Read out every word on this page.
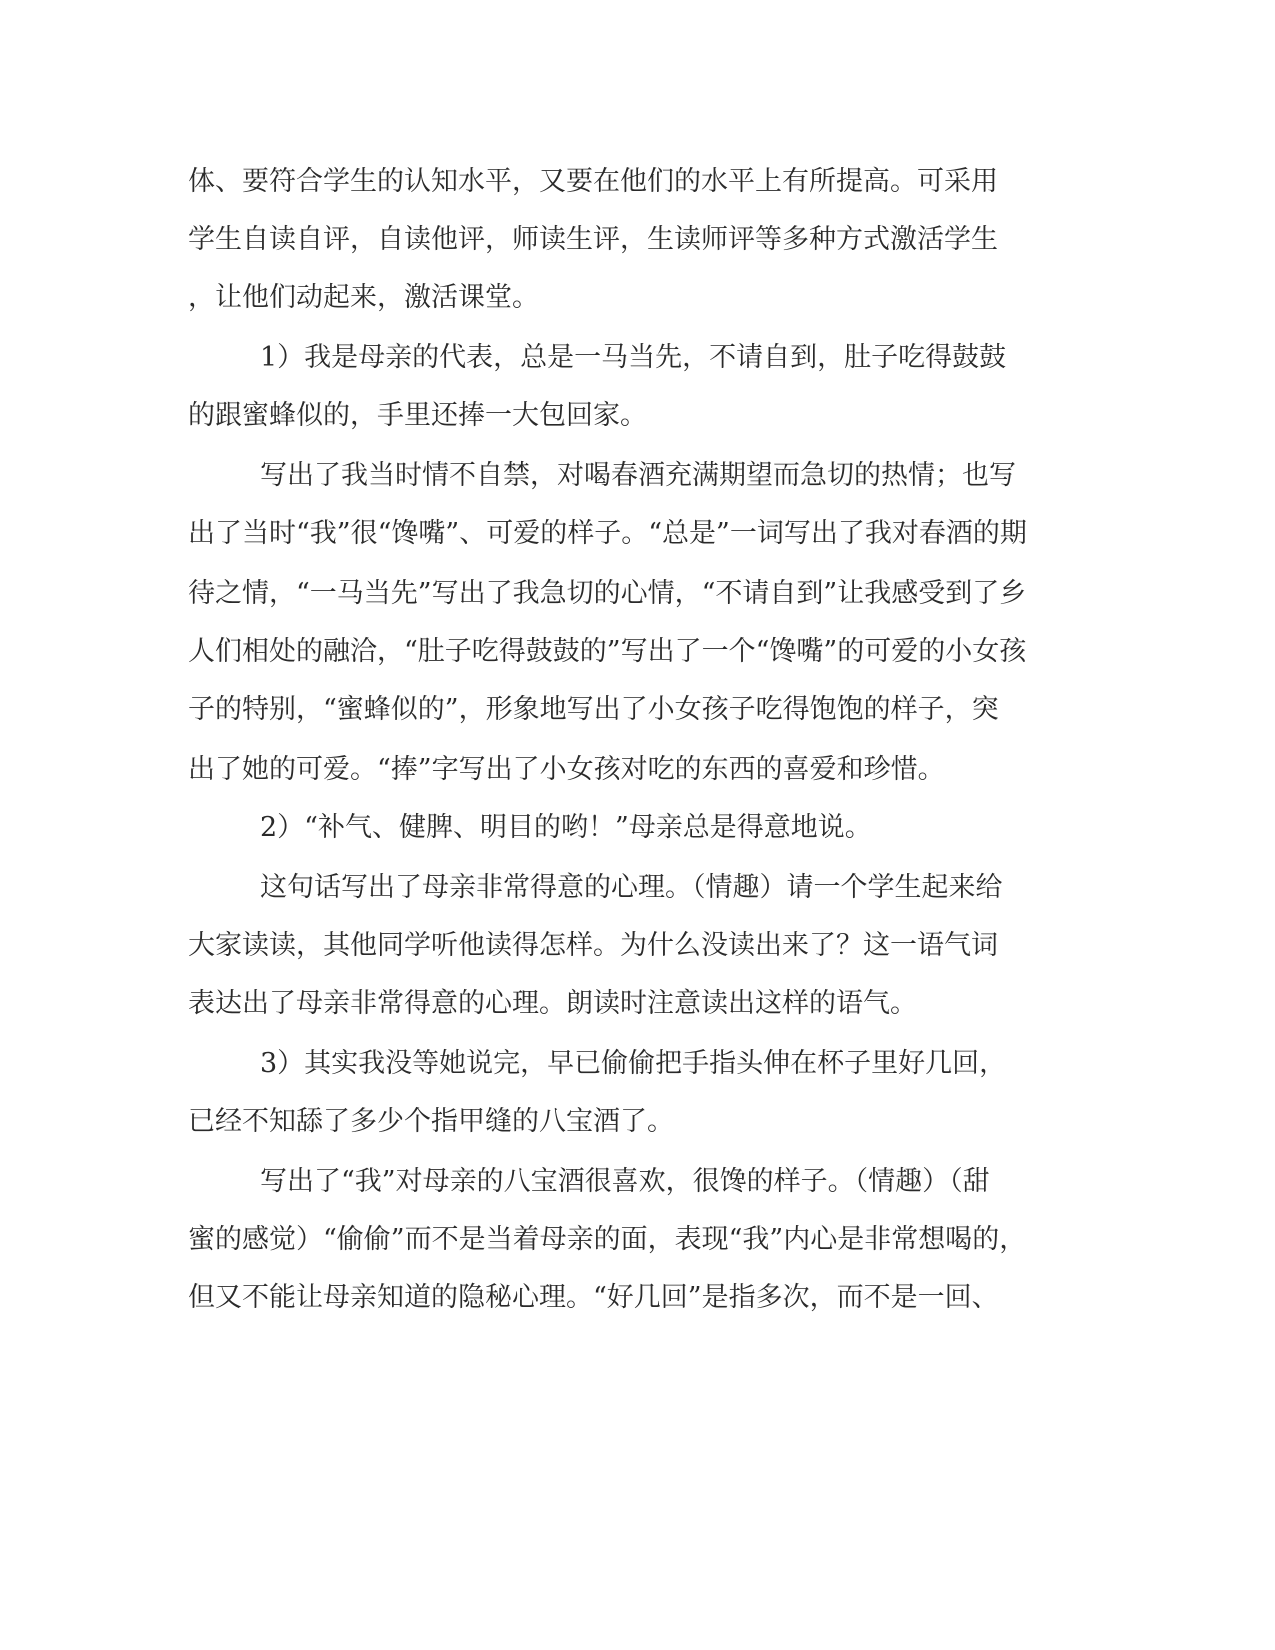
体、要符合学生的认知水平，又要在他们的水平上有所提高。可采用
学生自读自评，自读他评，师读生评，生读师评等多种方式激活学生
，让他们动起来，激活课堂。
1）我是母亲的代表，总是一马当先，不请自到，肚子吃得鼓鼓
的跟蜜蜂似的，手里还捧一大包回家。
写出了我当时情不自禁，对喝春酒充满期望而急切的热情；也写
出了当时“我”很“馋嘴”、可爱的样子。“总是”一词写出了我对春酒的期
待之情，“一马当先”写出了我急切的心情，“不请自到”让我感受到了乡
人们相处的融洽，“肚子吃得鼓鼓的”写出了一个“馋嘴”的可爱的小女孩
子的特别，“蜜蜂似的”，形象地写出了小女孩子吃得饱饱的样子，突
出了她的可爱。“捧”字写出了小女孩对吃的东西的喜爱和珍惜。
2）“补气、健脾、明目的哟！”母亲总是得意地说。
这句话写出了母亲非常得意的心理。（情趣）请一个学生起来给
大家读读，其他同学听他读得怎样。为什么没读出来了？这一语气词
表达出了母亲非常得意的心理。朗读时注意读出这样的语气。
3）其实我没等她说完，早已偷偷把手指头伸在杯子里好几回，
已经不知舔了多少个指甲缝的八宝酒了。
写出了“我”对母亲的八宝酒很喜欢，很馋的样子。（情趣）（甜
蜜的感觉）“偷偷”而不是当着母亲的面，表现“我”内心是非常想喝的，
但又不能让母亲知道的隐秘心理。“好几回”是指多次，而不是一回、
